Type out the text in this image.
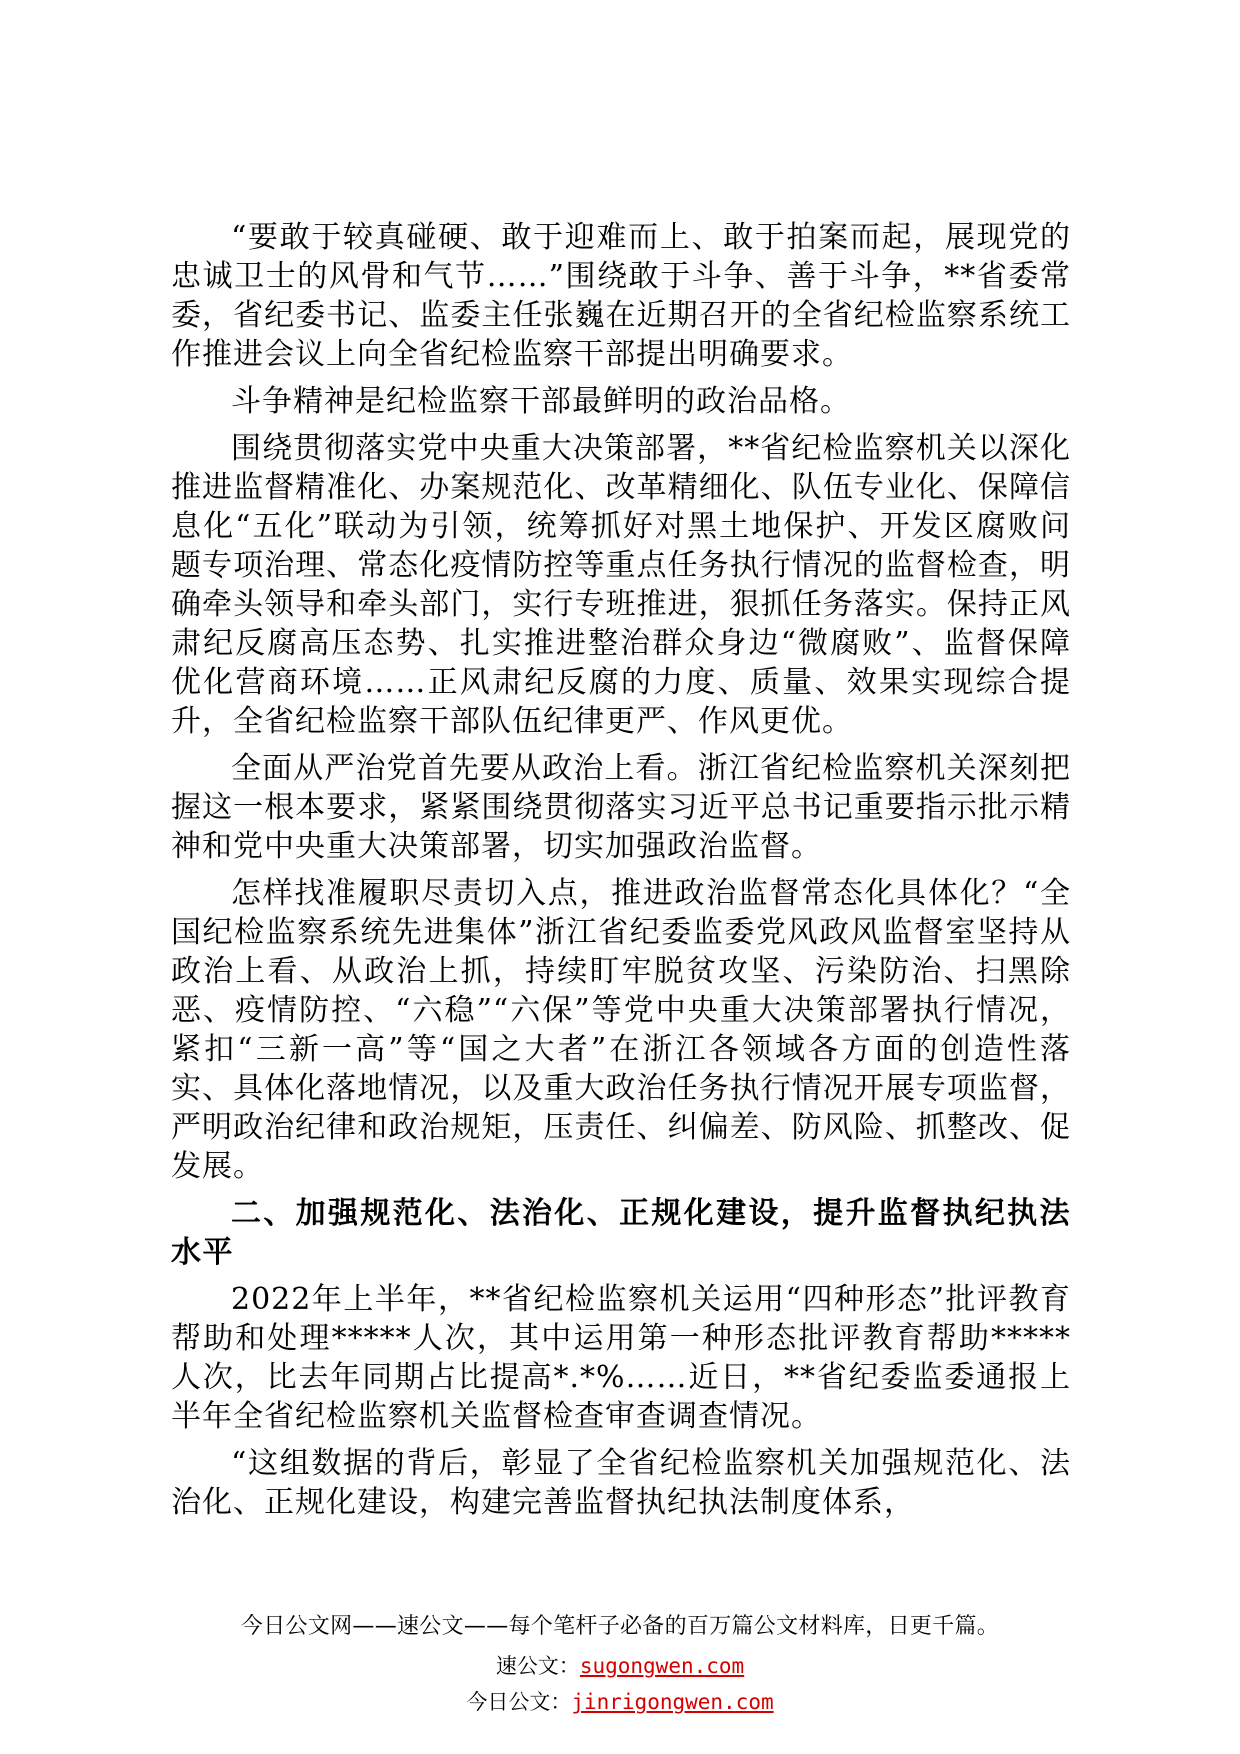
“要敢于较真碰硬、敢于迎难而上、敢于拍案而起，展现党的忠诚卫士的风骨和气节……”围绕敢于斗争、善于斗争，**省委常委，省纪委书记、监委主任张巍在近期召开的全省纪检监察系统工作推进会议上向全省纪检监察干部提出明确要求。

斗争精神是纪检监察干部最鲜明的政治品格。

围绕贯彻落实党中央重大决策部署，**省纪检监察机关以深化推进监督精准化、办案规范化、改革精细化、队伍专业化、保障信息化“五化”联动为引领，统筹抓好对黑土地保护、开发区腐败问题专项治理、常态化疫情防控等重点任务执行情况的监督检查，明确牵头领导和牵头部门，实行专班推进，狠抓任务落实。保持正风肃纪反腐高压态势、扎实推进整治群众身边“微腐败”、监督保障优化营商环境……正风肃纪反腐的力度、质量、效果实现综合提升，全省纪检监察干部队伍纪律更严、作风更优。

全面从严治党首先要从政治上看。浙江省纪检监察机关深刻把握这一根本要求，紧紧围绕贯彻落实习近平总书记重要指示批示精神和党中央重大决策部署，切实加强政治监督。

怎样找准履职尽责切入点，推进政治监督常态化具体化？“全国纪检监察系统先进集体”浙江省纪委监委党风政风监督室坚持从政治上看、从政治上抓，持续盯牢脱贫攻坚、污染防治、扫黑除恶、疫情防控、“六稳”“六保”等党中央重大决策部署执行情况，紧扣“三新一高”等“国之大者”在浙江各领域各方面的创造性落实、具体化落地情况，以及重大政治任务执行情况开展专项监督，严明政治纪律和政治规矩，压责任、纠偏差、防风险、抓整改、促发展。

二、加强规范化、法治化、正规化建设，提升监督执纪执法水平

2022年上半年，**省纪检监察机关运用“四种形态”批评教育帮助和处理*****人次，其中运用第一种形态批评教育帮助*****人次，比去年同期占比提高*.*%……近日，**省纪委监委通报上半年全省纪检监察机关监督检查审查调查情况。

“这组数据的背后，彰显了全省纪检监察机关加强规范化、法治化、正规化建设，构建完善监督执纪执法制度体系，

今日公文网——速公文——每个笔杆子必备的百万篇公文材料库，日更千篇。
速公文：sugongwen.com
今日公文：jinrigongwen.com
